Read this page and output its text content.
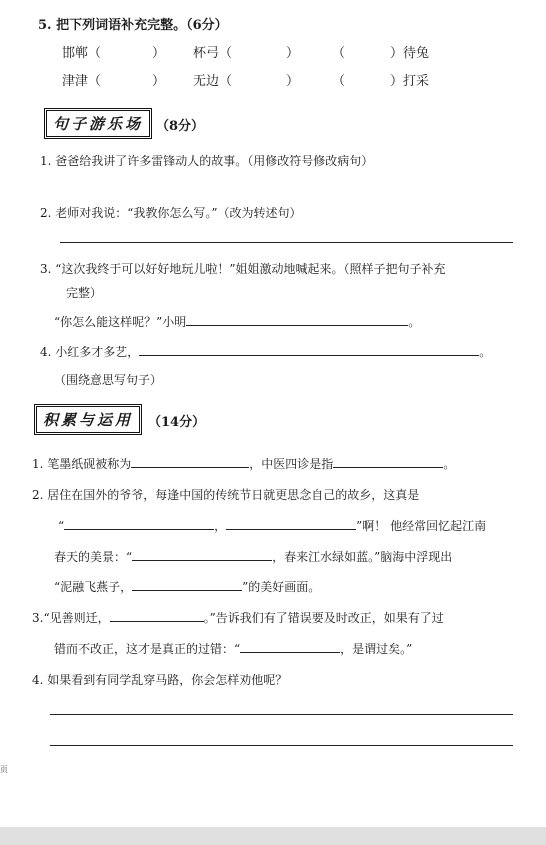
5. 把下列词语补充完整。（6分）
邯郸（	） 杯弓（	）	（	）待兔
津津（	） 无边（	）	（	）打采
句子游乐场 （8分）
1. 爸爸给我讲了许多雷锋动人的故事。（用修改符号修改病句）
2. 老师对我说：“我教你怎么写。”（改为转述句）
3. “这次我终于可以好好地玩儿啦！”姐姐激动地喊起来。（照样子把句子补充
完整）
“你怎么能这样呢？”小明	。
4. 小红多才多艺，	。
（围绕意思写句子）
积累与运用	（14分）
1. 笔墨纸砚被称为	，中医四诊是指	。
2. 居住在国外的爷爷，每逢中国的传统节日就更思念自己的故乡，这真是
“	，	”啊！ 他经常回忆起江南
春天的美景：“	，春来江水绿如蓝。”脑海中浮现出
“泥融飞燕子，	”的美好画面。
3.“见善则迁，	。”告诉我们有了错误要及时改正，如果有了过
错而不改正，这才是真正的过错：“	，是谓过矣。”
4. 如果看到有同学乱穿马路，你会怎样劝他呢？
页
